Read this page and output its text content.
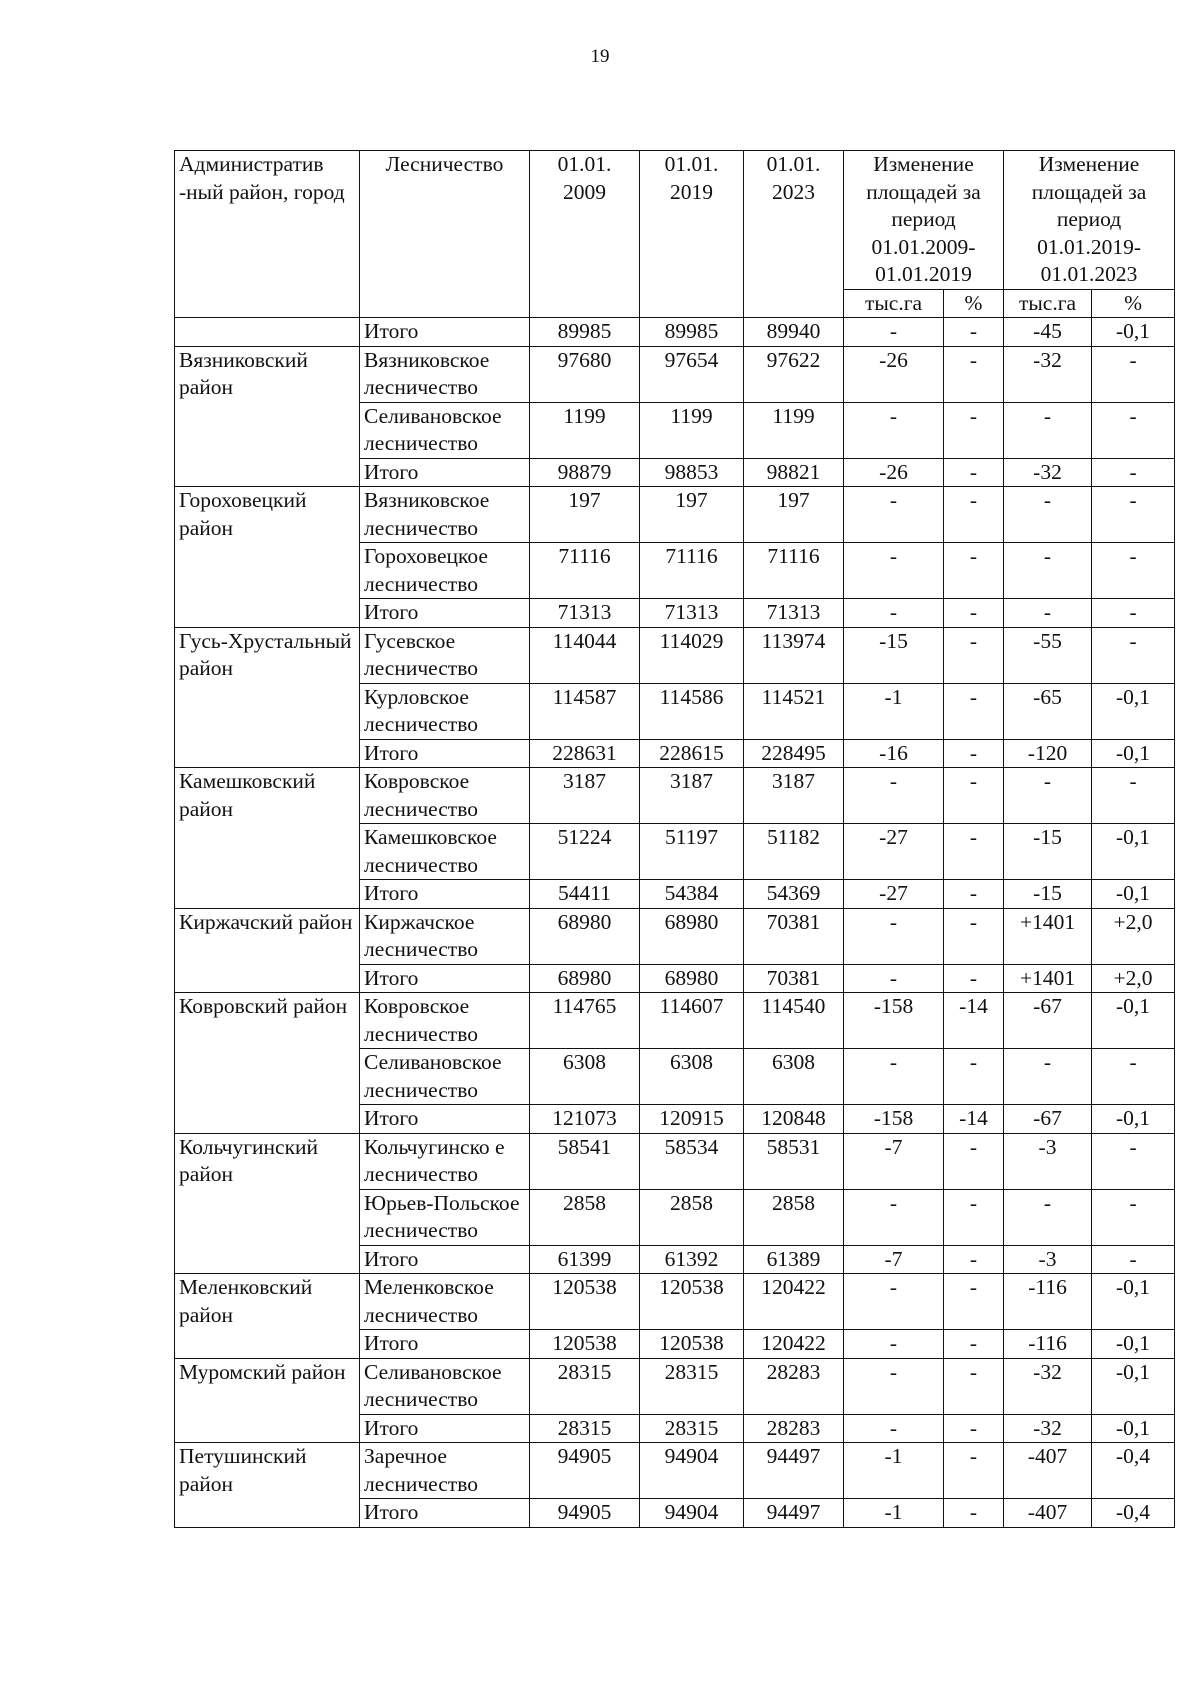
19
Административ -ный район, город	Лесничество	01.01. 2009	01.01. 2019	01.01. 2023	Изменение площадей за период 01.01.2009- 01.01.2019		Изменение площадей за период 01.01.2019- 01.01.2023	
					тыс.га	%	тыс.га	%
	Итого	89985	89985	89940	-	-	-45	-0,1
Вязниковский район	Вязниковское лесничество	97680	97654	97622	-26	-	-32	-
	Селивановское лесничество	1199	1199	1199	-	-	-	-
	Итого	98879	98853	98821	-26	-	-32	-
Гороховецкий район	Вязниковское лесничество	197	197	197	-	-	-	-
	Гороховецкое лесничество	71116	71116	71116	-	-	-	-
	Итого	71313	71313	71313	-	-	-	-
Гусь-Хрустальный район	Гусевское лесничество	114044	114029	113974	-15	-	-55	-
	Курловское лесничество	114587	114586	114521	-1	-	-65	-0,1
	Итого	228631	228615	228495	-16	-	-120	-0,1
Камешковский район	Ковровское лесничество	3187	3187	3187	-	-	-	-
	Камешковское лесничество	51224	51197	51182	-27	-	-15	-0,1
	Итого	54411	54384	54369	-27	-	-15	-0,1
Киржачский район	Киржачское лесничество	68980	68980	70381	-	-	+1401	+2,0
	Итого	68980	68980	70381	-	-	+1401	+2,0
Ковровский район	Ковровское лесничество	114765	114607	114540	-158	-14	-67	-0,1
	Селивановское лесничество	6308	6308	6308	-	-	-	-
	Итого	121073	120915	120848	-158	-14	-67	-0,1
Кольчугинский район	Кольчугинско е лесничество	58541	58534	58531	-7	-	-3	-
	Юрьев-Польское лесничество	2858	2858	2858	-	-	-	-
	Итого	61399	61392	61389	-7	-	-3	-
Меленковский район	Меленковское лесничество	120538	120538	120422	-	-	-116	-0,1
	Итого	120538	120538	120422	-	-	-116	-0,1
Муромский район	Селивановское лесничество	28315	28315	28283	-	-	-32	-0,1
	Итого	28315	28315	28283	-	-	-32	-0,1
Петушинский район	Заречное лесничество	94905	94904	94497	-1	-	-407	-0,4
	Итого	94905	94904	94497	-1	-	-407	-0,4
